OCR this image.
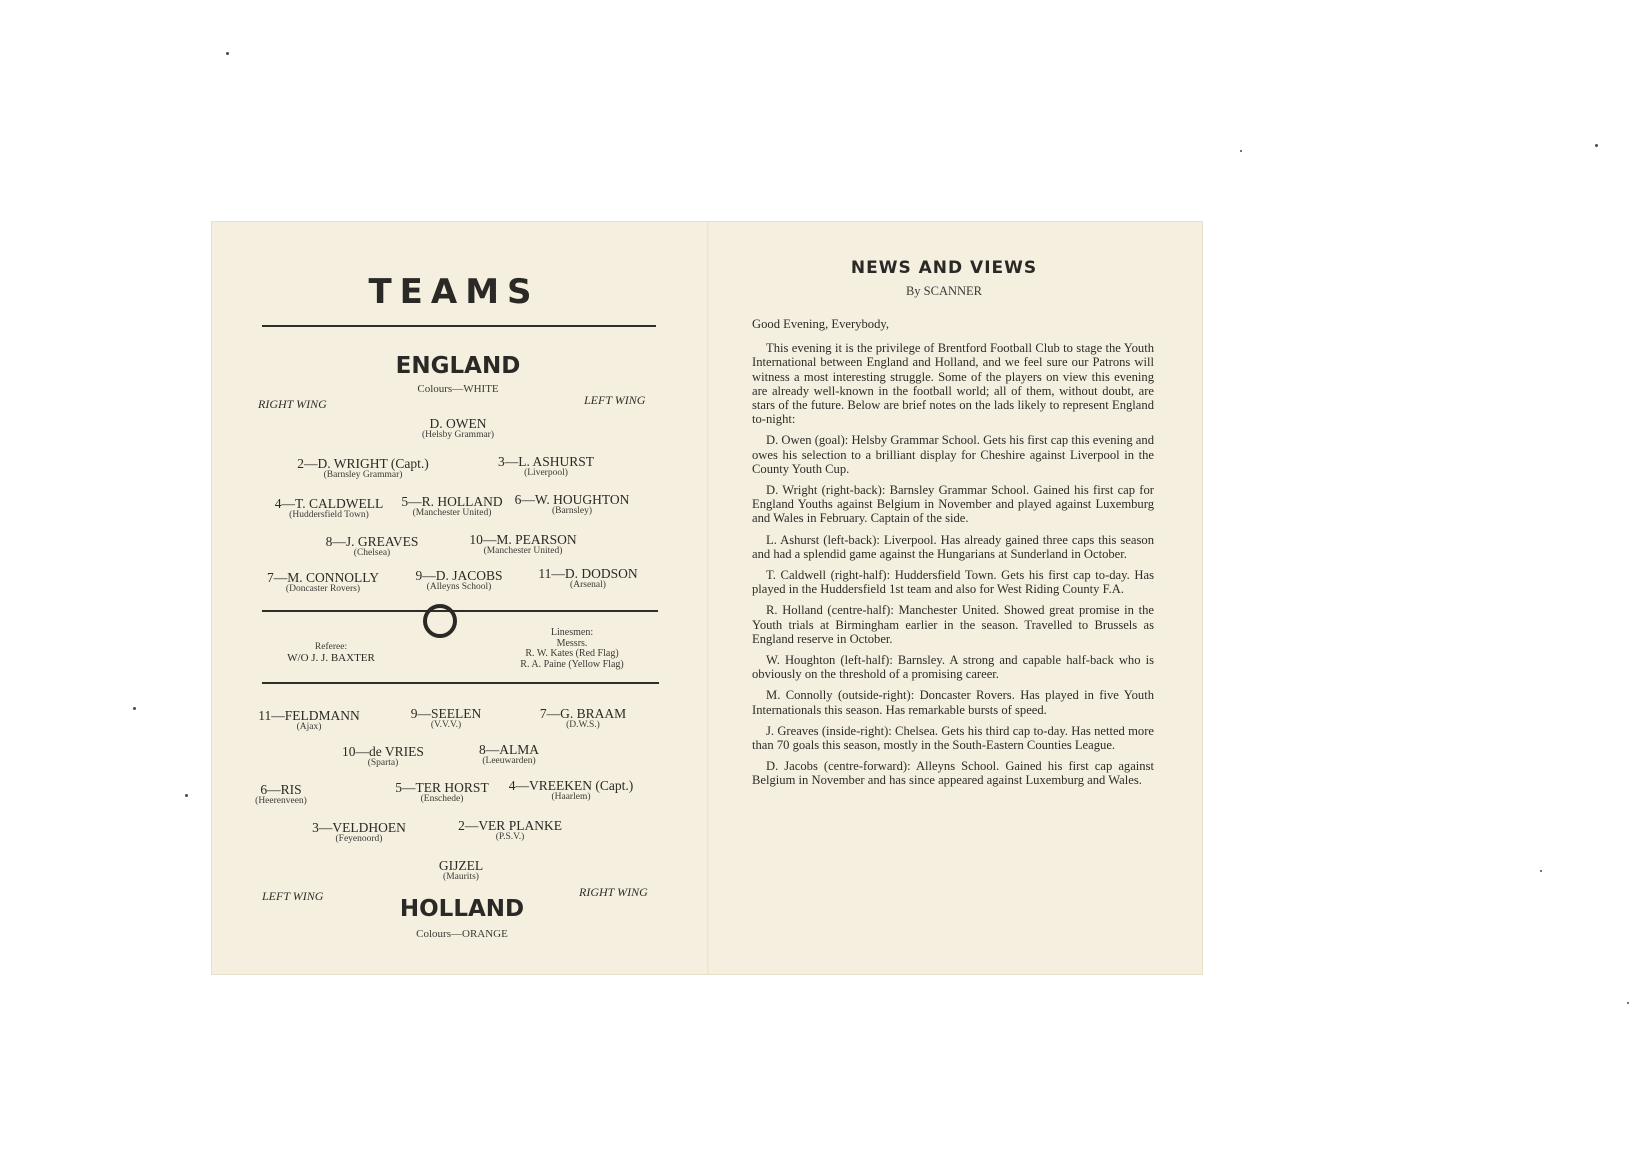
TEAMS
ENGLAND
Colours—WHITE
RIGHT WING	LEFT WING
D. OWEN
(Helsby Grammar)
2—D. WRIGHT (Capt.)
(Barnsley Grammar)
3—L. ASHURST
(Liverpool)
4—T. CALDWELL
(Huddersfield Town)
5—R. HOLLAND
(Manchester United)
6—W. HOUGHTON
(Barnsley)
8—J. GREAVES
(Chelsea)
10—M. PEARSON
(Manchester United)
7—M. CONNOLLY
(Doncaster Rovers)
9—D. JACOBS
(Alleyns School)
11—D. DODSON
(Arsenal)
Referee:
W/O J. J. BAXTER
Linesmen:
Messrs.
R. W. Kates (Red Flag)
R. A. Paine (Yellow Flag)
11—FELDMANN
(Ajax)
9—SEELEN
(V.V.V.)
7—G. BRAAM
(D.W.S.)
10—de VRIES
(Sparta)
8—ALMA
(Leeuwarden)
6—RIS
(Heerenveen)
5—TER HORST
(Enschede)
4—VREEKEN (Capt.)
(Haarlem)
3—VELDHOEN
(Feyenoord)
2—VER PLANKE
(P.S.V.)
GIJZEL
(Maurits)
LEFT WING	RIGHT WING
HOLLAND
Colours—ORANGE
NEWS AND VIEWS
By SCANNER

Good Evening, Everybody,

This evening it is the privilege of Brentford Football Club to stage the Youth International between England and Holland, and we feel sure our Patrons will witness a most interesting struggle. Some of the players on view this evening are already well-known in the football world; all of them, without doubt, are stars of the future. Below are brief notes on the lads likely to represent England to-night:

D. Owen (goal): Helsby Grammar School. Gets his first cap this evening and owes his selection to a brilliant display for Cheshire against Liverpool in the County Youth Cup.

D. Wright (right-back): Barnsley Grammar School. Gained his first cap for England Youths against Belgium in November and played against Luxemburg and Wales in February. Captain of the side.

L. Ashurst (left-back): Liverpool. Has already gained three caps this season and had a splendid game against the Hungarians at Sunderland in October.

T. Caldwell (right-half): Huddersfield Town. Gets his first cap to-day. Has played in the Huddersfield 1st team and also for West Riding County F.A.

R. Holland (centre-half): Manchester United. Showed great promise in the Youth trials at Birmingham earlier in the season. Travelled to Brussels as England reserve in October.

W. Houghton (left-half): Barnsley. A strong and capable half-back who is obviously on the threshold of a promising career.

M. Connolly (outside-right): Doncaster Rovers. Has played in five Youth Internationals this season. Has remarkable bursts of speed.

J. Greaves (inside-right): Chelsea. Gets his third cap to-day. Has netted more than 70 goals this season, mostly in the South-Eastern Counties League.

D. Jacobs (centre-forward): Alleyns School. Gained his first cap against Belgium in November and has since appeared against Luxemburg and Wales.
